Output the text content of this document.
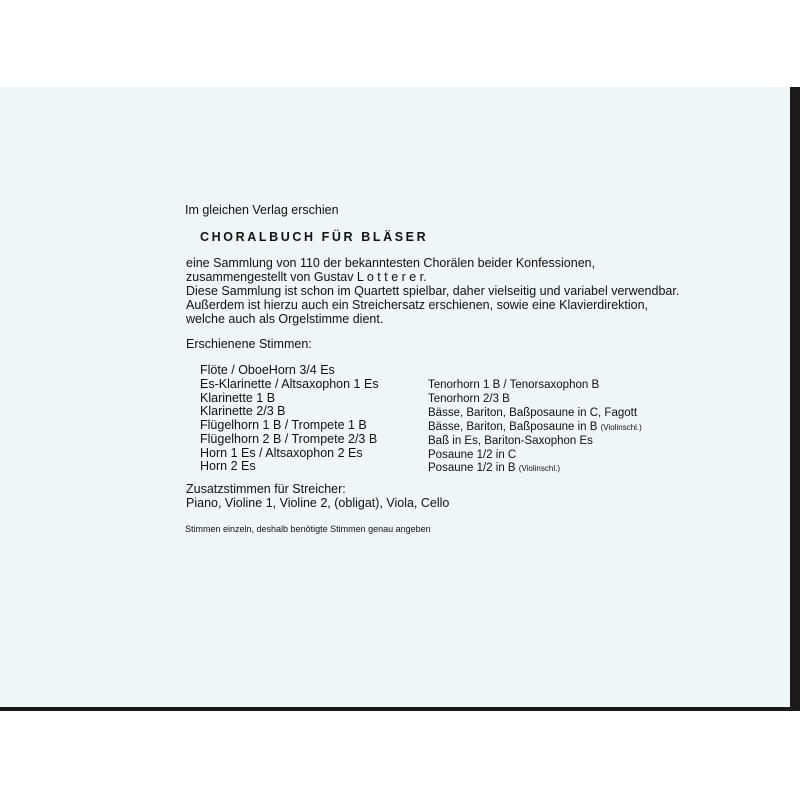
Im gleichen Verlag erschien
CHORALBUCH FÜR BLÄSER
eine Sammlung von 110 der bekanntesten Chorälen beider Konfessionen,
zusammengestellt von Gustav L o t t e r e r.
Diese Sammlung ist schon im Quartett spielbar, daher vielseitig und variabel verwendbar.
Außerdem ist hierzu auch ein Streichersatz erschienen, sowie eine Klavierdirektion,
welche auch als Orgelstimme dient.
Erschienene Stimmen:
Flöte / OboeHorn 3/4 Es
Es-Klarinette / Altsaxophon 1 Es
Klarinette 1 B
Klarinette 2/3 B
Flügelhorn 1 B / Trompete 1 B
Flügelhorn 2 B / Trompete 2/3 B
Horn 1 Es / Altsaxophon 2 Es
Horn 2 Es
Tenorhorn 1 B / Tenorsaxophon B
Tenorhorn 2/3 B
Bässe, Bariton, Baßposaune in C, Fagott
Bässe, Bariton, Baßposaune in B (Violinschl.)
Baß in Es, Bariton-Saxophon Es
Posaune 1/2 in C
Posaune 1/2 in B (Violinschl.)
Zusatzstimmen für Streicher:
Piano, Violine 1, Violine 2, (obligat), Viola, Cello
Stimmen einzeln, deshalb benötigte Stimmen genau angeben
